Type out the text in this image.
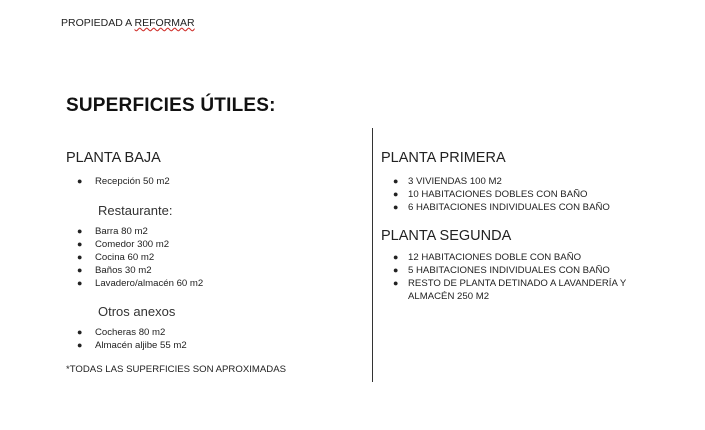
PROPIEDAD A REFORMAR
SUPERFICIES ÚTILES:

PLANTA BAJA

● Recepción 50 m2

Restaurante:

● Barra 80 m2
● Comedor 300 m2
● Cocina 60 m2
● Baños 30 m2
● Lavadero/almacén 60 m2

Otros anexos

● Cocheras 80 m2
● Almacén aljibe 55 m2
*TODAS LAS SUPERFICIES SON APROXIMADAS

PLANTA PRIMERA

● 3 VIVIENDAS 100 M2
● 10 HABITACIONES DOBLES CON BAÑO
● 6 HABITACIONES INDIVIDUALES CON BAÑO

PLANTA SEGUNDA

● 12 HABITACIONES DOBLE CON BAÑO
● 5 HABITACIONES INDIVIDUALES CON BAÑO
● RESTO DE PLANTA DETINADO A LAVANDERÍA Y
ALMACÉN 250 M2
